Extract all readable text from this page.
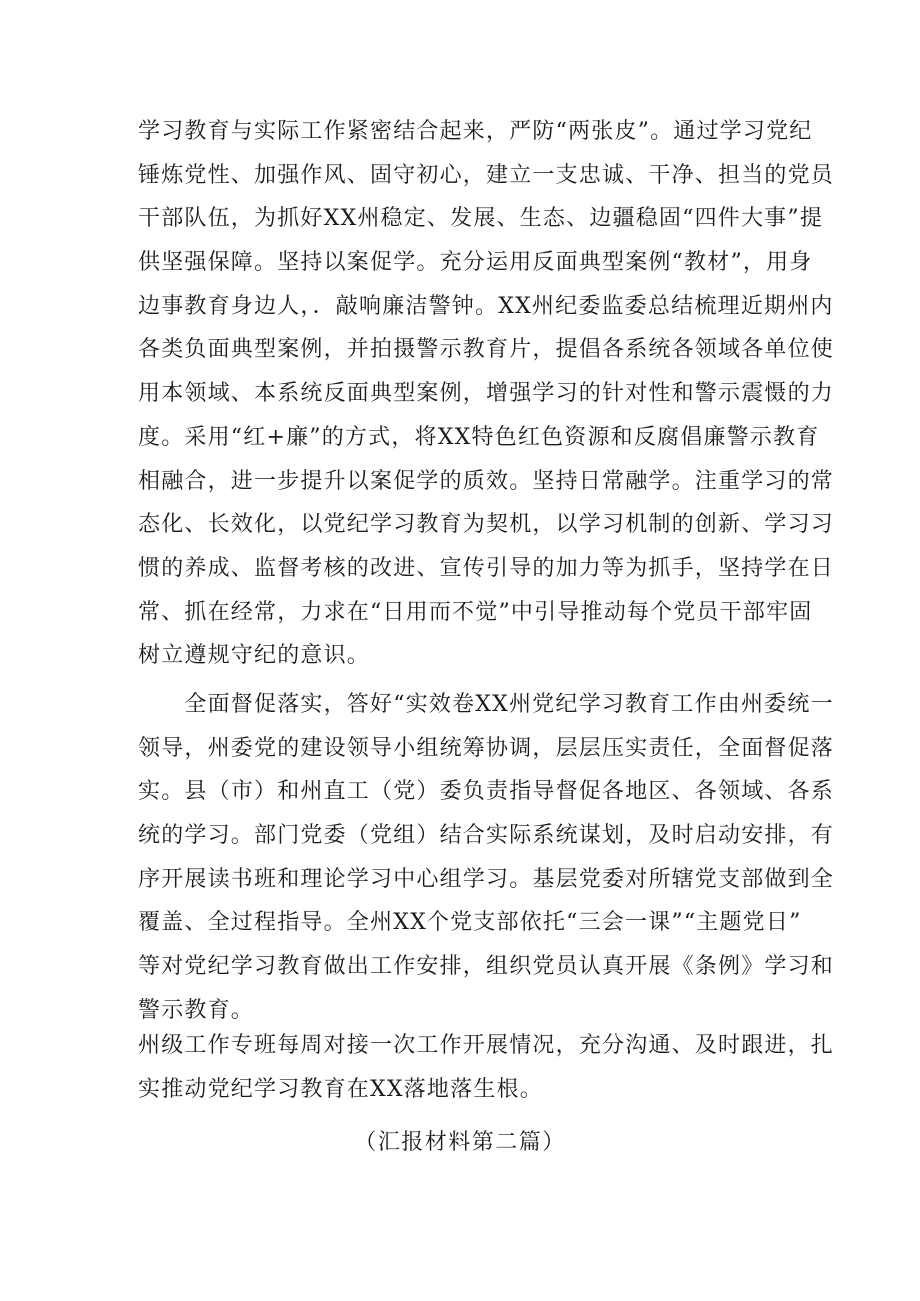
学习教育与实际工作紧密结合起来，严防“两张皮”。通过学习党纪
锤炼党性、加强作风、固守初心，建立一支忠诚、干净、担当的党员
干部队伍，为抓好XX州稳定、发展、生态、边疆稳固“四件大事”提
供坚强保障。坚持以案促学。充分运用反面典型案例“教材”，用身
边事教育身边人，．敲响廉洁警钟。XX州纪委监委总结梳理近期州内
各类负面典型案例，并拍摄警示教育片，提倡各系统各领域各单位使
用本领域、本系统反面典型案例，增强学习的针对性和警示震慑的力
度。采用“红+廉”的方式，将XX特色红色资源和反腐倡廉警示教育
相融合，进一步提升以案促学的质效。坚持日常融学。注重学习的常
态化、长效化，以党纪学习教育为契机，以学习机制的创新、学习习
惯的养成、监督考核的改进、宣传引导的加力等为抓手，坚持学在日
常、抓在经常，力求在“日用而不觉”中引导推动每个党员干部牢固
树立遵规守纪的意识。
　　全面督促落实，答好“实效卷XX州党纪学习教育工作由州委统一
领导，州委党的建设领导小组统筹协调，层层压实责任，全面督促落
实。县（市）和州直工（党）委负责指导督促各地区、各领域、各系
统的学习。部门党委（党组）结合实际系统谋划，及时启动安排，有
序开展读书班和理论学习中心组学习。基层党委对所辖党支部做到全
覆盖、全过程指导。全州XX个党支部依托“三会一课”“主题党日”
等对党纪学习教育做出工作安排，组织党员认真开展《条例》学习和
警示教育。
州级工作专班每周对接一次工作开展情况，充分沟通、及时跟进，扎
实推动党纪学习教育在XX落地落生根。
（汇报材料第二篇）
